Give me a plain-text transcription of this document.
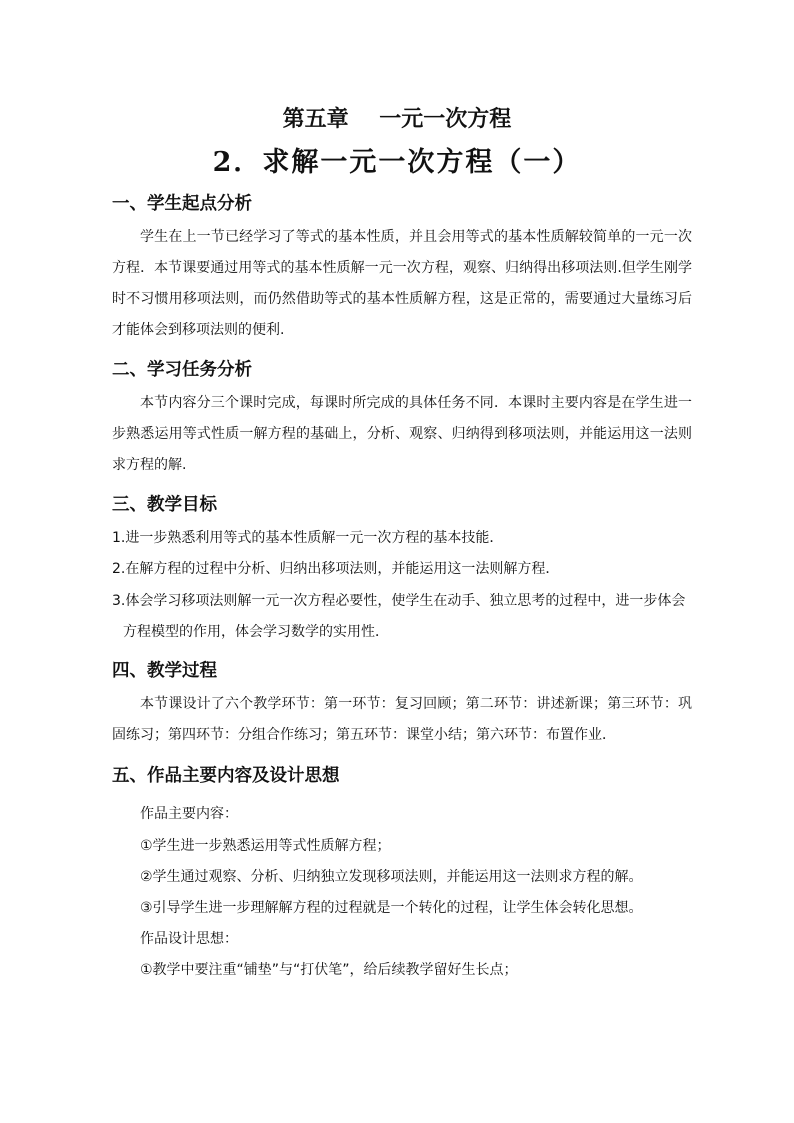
第五章    一元一次方程
2．求解一元一次方程（一）
一、学生起点分析
学生在上一节已经学习了等式的基本性质，并且会用等式的基本性质解较简单的一元一次方程．本节课要通过用等式的基本性质解一元一次方程，观察、归纳得出移项法则.但学生刚学时不习惯用移项法则，而仍然借助等式的基本性质解方程，这是正常的，需要通过大量练习后才能体会到移项法则的便利.
二、学习任务分析
本节内容分三个课时完成，每课时所完成的具体任务不同．本课时主要内容是在学生进一步熟悉运用等式性质一解方程的基础上，分析、观察、归纳得到移项法则，并能运用这一法则求方程的解.
三、教学目标
1.进一步熟悉利用等式的基本性质解一元一次方程的基本技能．
2.在解方程的过程中分析、归纳出移项法则，并能运用这一法则解方程．
3.体会学习移项法则解一元一次方程必要性，使学生在动手、独立思考的过程中，进一步体会
方程模型的作用，体会学习数学的实用性．
四、教学过程
本节课设计了六个教学环节：第一环节：复习回顾；第二环节：讲述新课；第三环节：巩固练习；第四环节：分组合作练习；第五环节：课堂小结；第六环节：布置作业．
五、作品主要内容及设计思想
作品主要内容：
①学生进一步熟悉运用等式性质解方程；
②学生通过观察、分析、归纳独立发现移项法则，并能运用这一法则求方程的解。
③引导学生进一步理解解方程的过程就是一个转化的过程，让学生体会转化思想。
作品设计思想：
①教学中要注重“铺垫”与“打伏笔”，给后续教学留好生长点；
